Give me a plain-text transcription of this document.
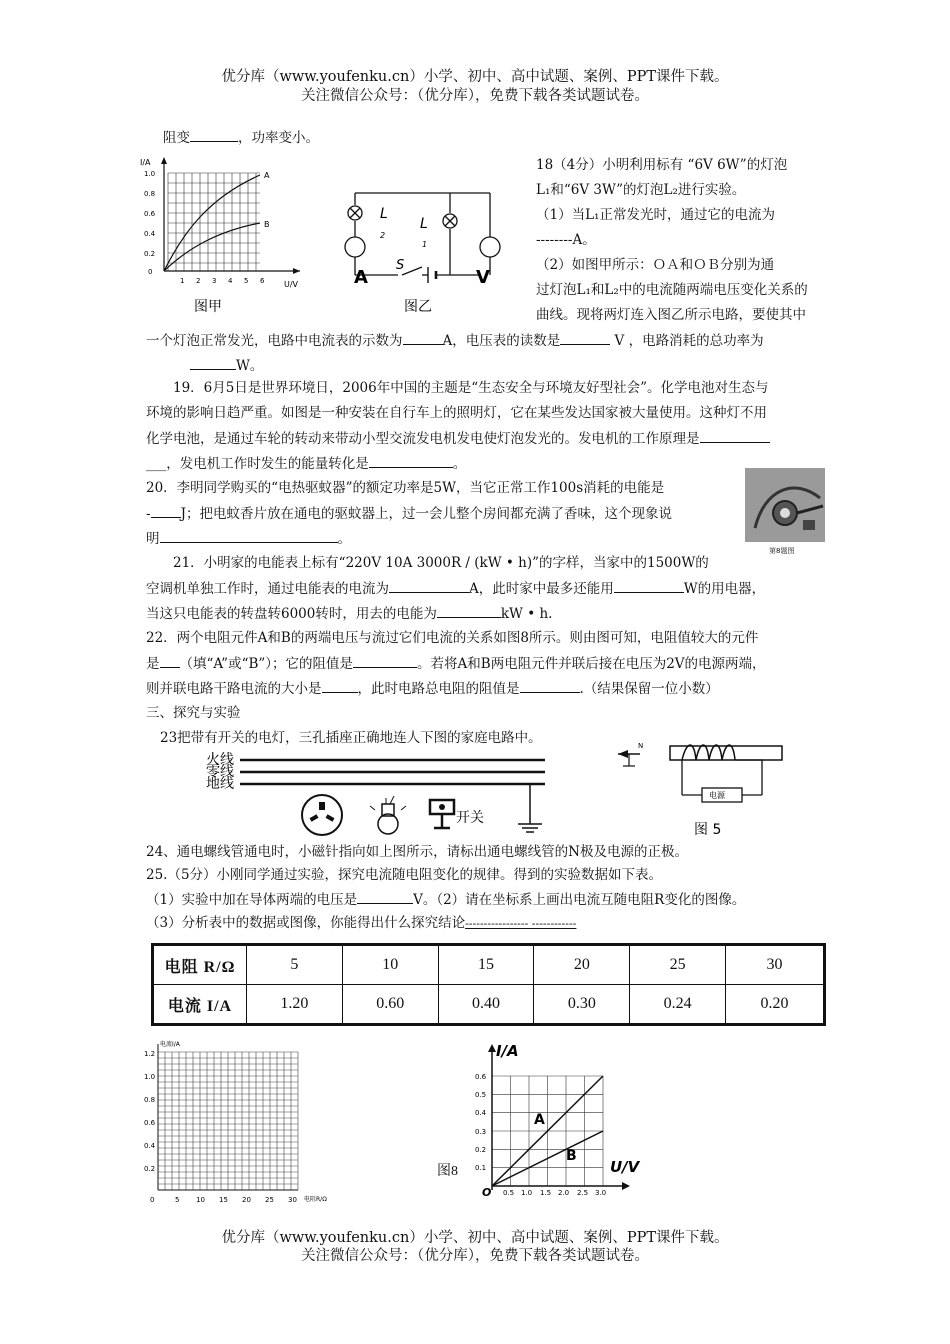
优分库（www.youfenku.cn）小学、初中、高中试题、案例、PPT课件下载。
关注微信公众号：（优分库），免费下载各类试题试卷。
阻变	，功率变小。
I/A
U/V
A
B
1.0
0.8
0.6
0.4
0.2
0
1 2 3 4 5 6
图甲
L
2
L
1
A
S
V
图乙
18（4分）小明利用标有 “6V 6W”的灯泡
L₁和“6V 3W”的灯泡L₂进行实验。
（1）当L₁正常发光时，通过它的电流为
--------A。
（2）如图甲所示：ＯＡ和ＯＢ分别为通
过灯泡L₁和L₂中的电流随两端电压变化关系的
曲线。现将两灯连入图乙所示电路，要使其中
一个灯泡正常发光，电路中电流表的示数为	A，电压表的读数是	V ，电路消耗的总功率为
W。
19．6月5日是世界环境日，2006年中国的主题是“生态安全与环境友好型社会”。化学电池对生态与
环境的影响日趋严重。如图是一种安装在自行车上的照明灯，它在某些发达国家被大量使用。这种灯不用
化学电池，是通过车轮的转动来带动小型交流发电机发电使灯泡发光的。发电机的工作原理是
___，发电机工作时发生的能量转化是	。
第8题图
20．李明同学购买的“电热驱蚊器”的额定功率是5W，当它正常工作100s消耗的电能是
- J；把电蚊香片放在通电的驱蚊器上，过一会儿整个房间都充满了香味，这个现象说
明	。
21．小明家的电能表上标有“220V 10A 3000R / (kW • h)”的字样，当家中的1500W的
空调机单独工作时，通过电能表的电流为	A，此时家中最多还能用	W的用电器，
当这只电能表的转盘转6000转时，用去的电能为	kW • h.
22．两个电阻元件A和B的两端电压与流过它们电流的关系如图8所示。则由图可知，电阻值较大的元件
是 （填“A”或“B”）；它的阻值是	。若将A和B两电阻元件并联后接在电压为2V的电源两端，
则并联电路干路电流的大小是	，此时电路总电阻的阻值是	.（结果保留一位小数）
三、探究与实验
23把带有开关的电灯，三孔插座正确地连人下图的家庭电路中。
火线
零线
地线
开关
N
电源
图 5
24、通电螺线管通电时，小磁针指向如上图所示，请标出通电螺线管的N极及电源的正极。
25.（5分）小刚同学通过实验，探究电流随电阻变化的规律。得到的实验数据如下表。
（1）实验中加在导体两端的电压是	V。（2）请在坐标系上画出电流互随电阻R变化的图像。
（3）分析表中的数据或图像，你能得出什么探究结论----------------- ------------
电阻 R/Ω	5	10	15	20	25	30
电流 I/A	1.20	0.60	0.40	0.30	0.24	0.20
电流I/A
电阻R/Ω
1.2
1.0
0.8
0.6
0.4
0.2
0	5 10 15 20 25 30
I/A
U/V
O
A
B
0.6
0.5
0.4
0.3
0.2
0.1
0.5 1.0 1.5 2.0 2.5 3.0
图8
优分库（www.youfenku.cn）小学、初中、高中试题、案例、PPT课件下载。
关注微信公众号：（优分库），免费下载各类试题试卷。
